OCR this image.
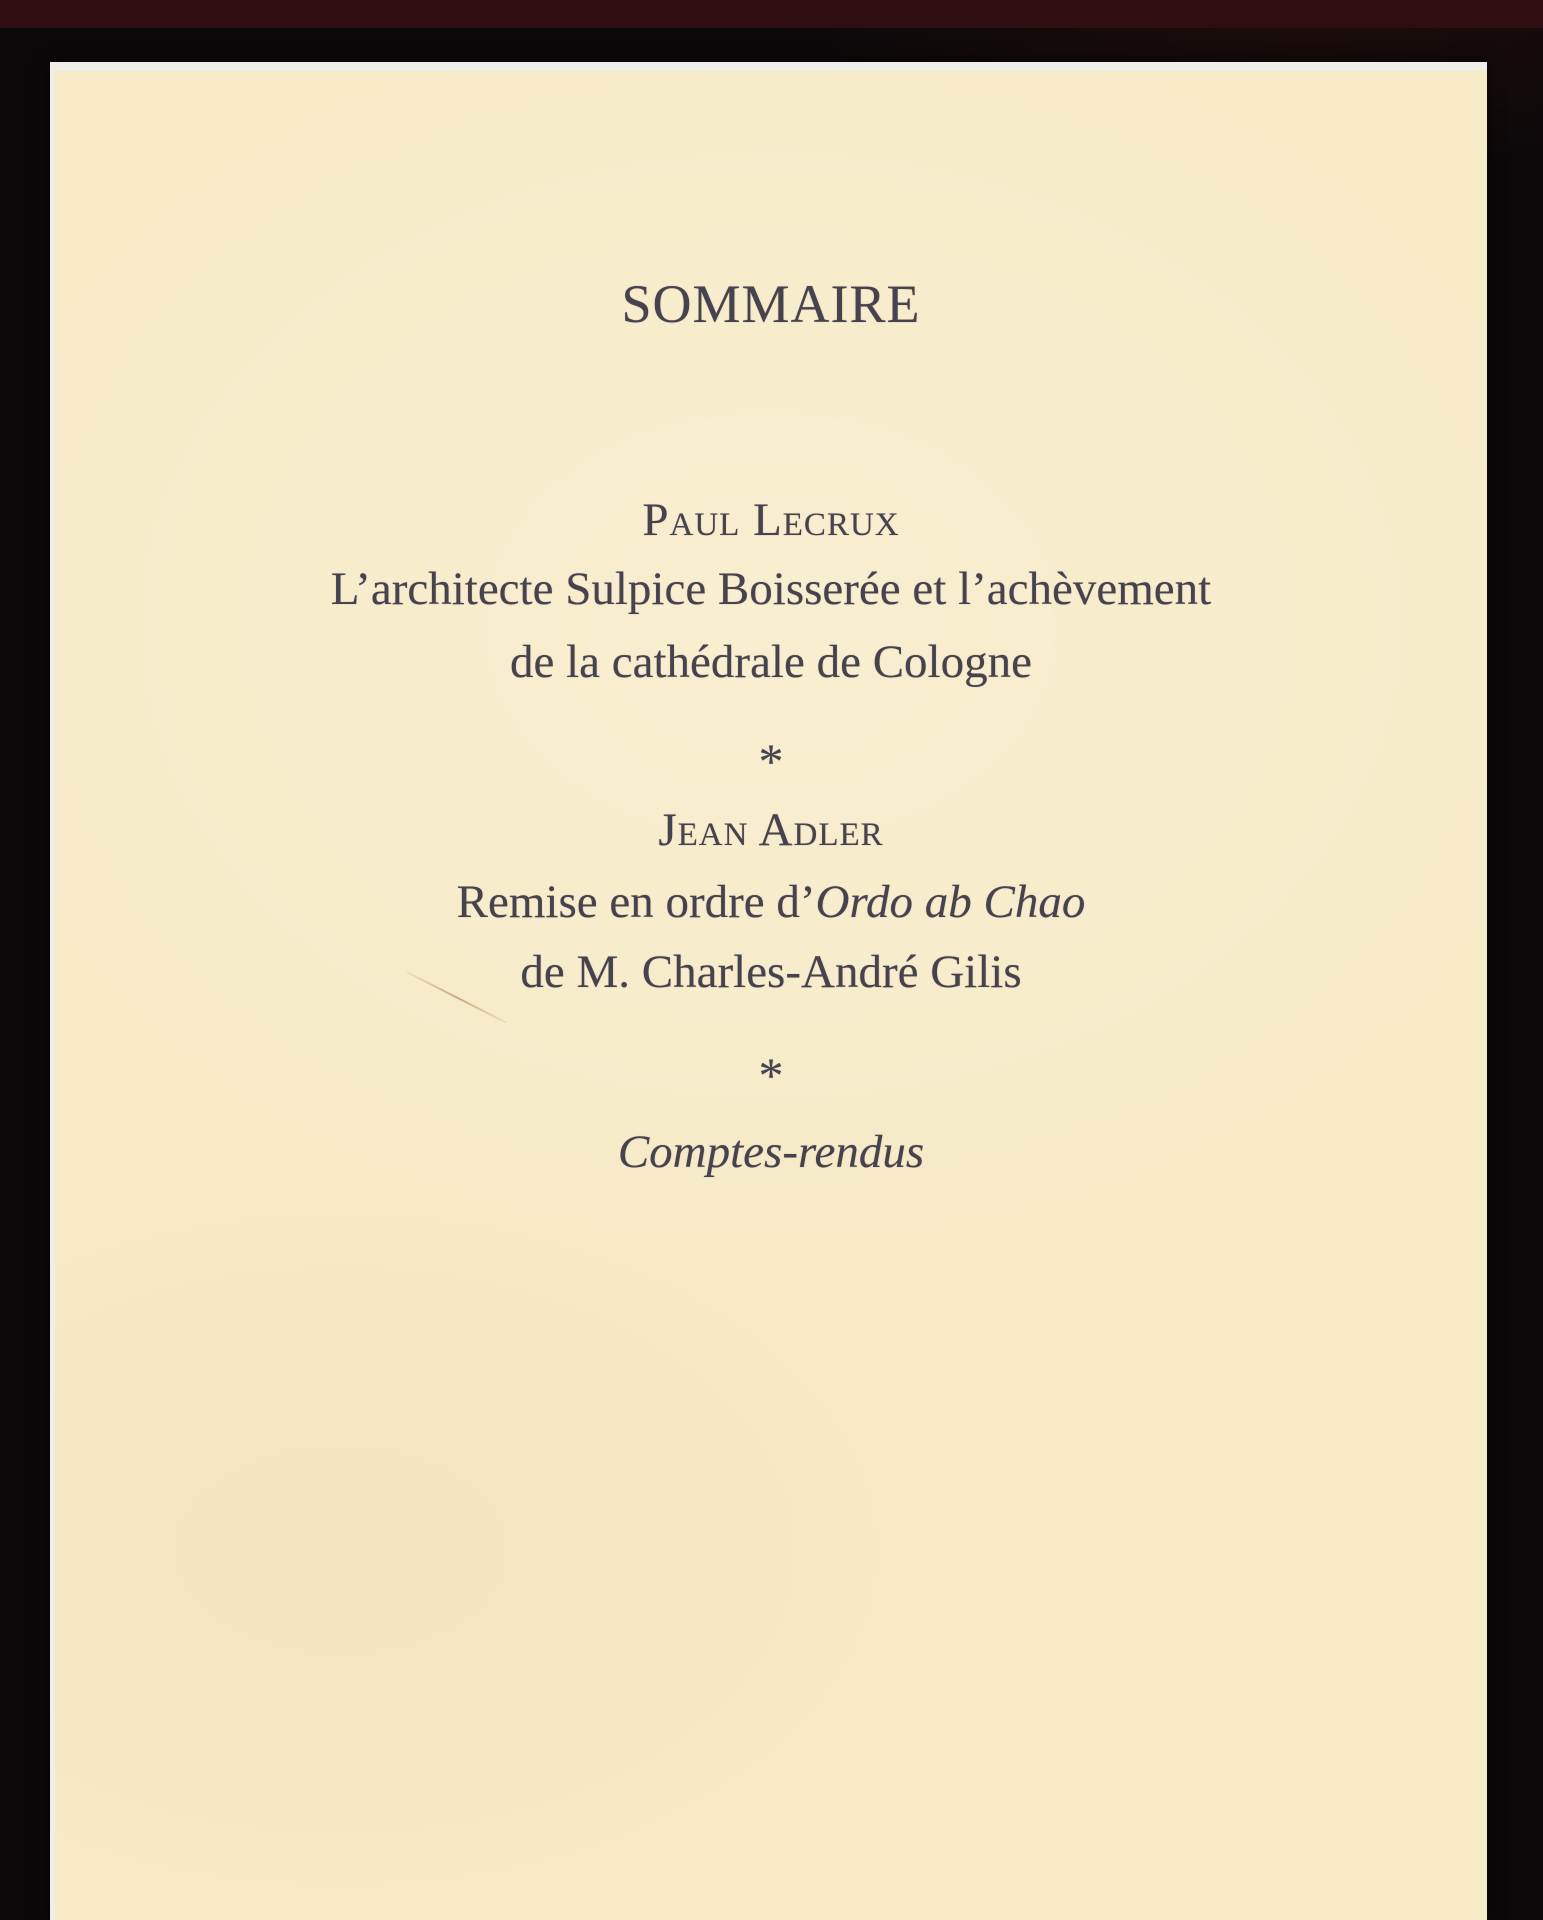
SOMMAIRE
Paul Lecrux
L’architecte Sulpice Boisserée et l’achèvement
de la cathédrale de Cologne
*
Jean Adler
Remise en ordre d’Ordo ab Chao
de M. Charles-André Gilis
*
Comptes-rendus
